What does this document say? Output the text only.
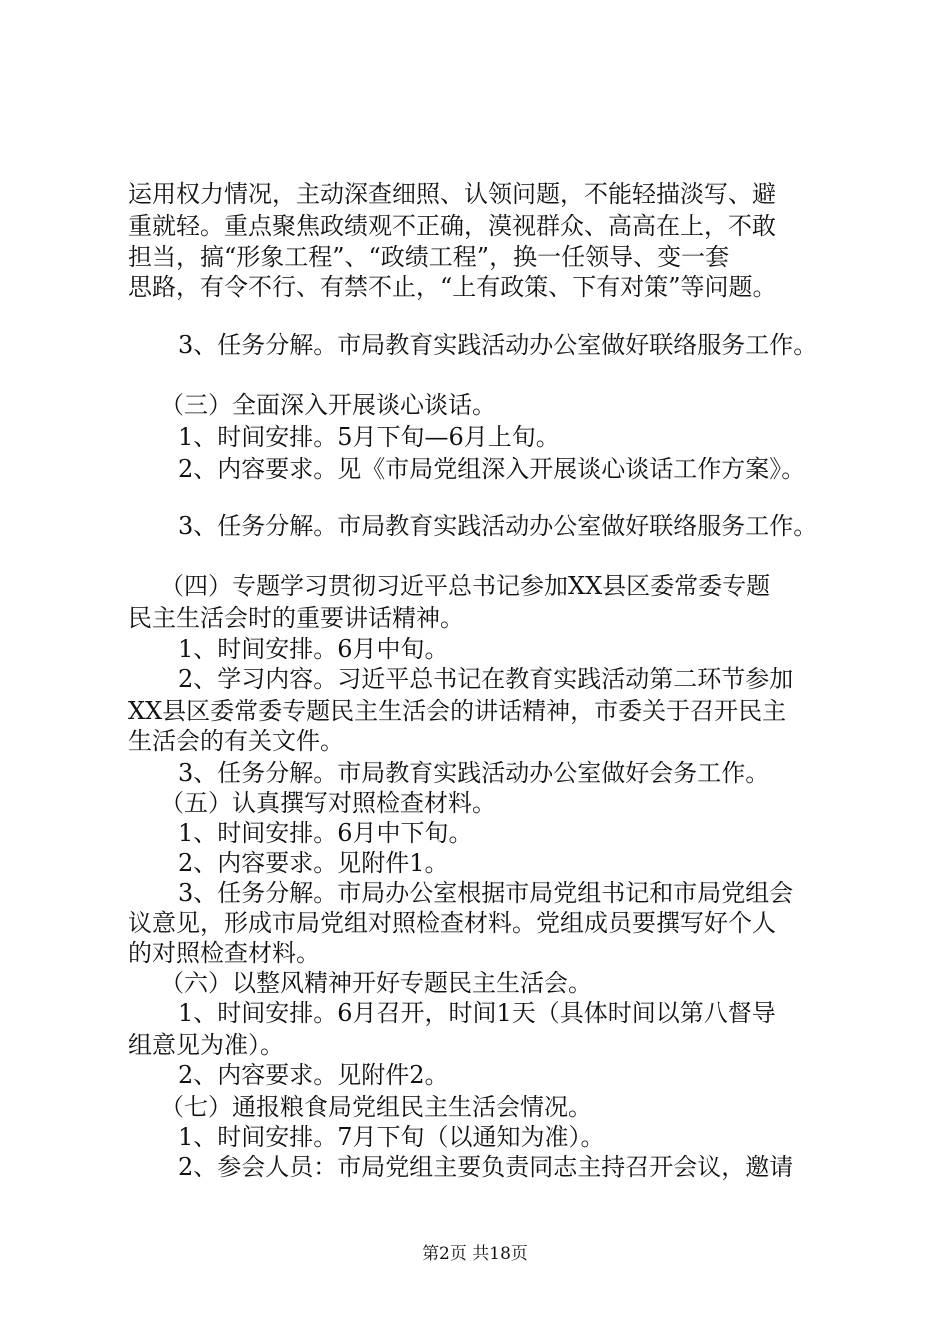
运用权力情况，主动深查细照、认领问题，不能轻描淡写、避
重就轻。重点聚焦政绩观不正确，漠视群众、高高在上，不敢
担当，搞“形象工程”、“政绩工程”，换一任领导、变一套
思路，有令不行、有禁不止，“上有政策、下有对策”等问题。
3、任务分解。市局教育实践活动办公室做好联络服务工作。
（三）全面深入开展谈心谈话。
1、时间安排。5月下旬—6月上旬。
2、内容要求。见《市局党组深入开展谈心谈话工作方案》。
3、任务分解。市局教育实践活动办公室做好联络服务工作。
（四）专题学习贯彻习近平总书记参加XX县区委常委专题
民主生活会时的重要讲话精神。
1、时间安排。6月中旬。
2、学习内容。习近平总书记在教育实践活动第二环节参加
XX县区委常委专题民主生活会的讲话精神，市委关于召开民主
生活会的有关文件。
3、任务分解。市局教育实践活动办公室做好会务工作。
（五）认真撰写对照检查材料。
1、时间安排。6月中下旬。
2、内容要求。见附件1。
3、任务分解。市局办公室根据市局党组书记和市局党组会
议意见，形成市局党组对照检查材料。党组成员要撰写好个人
的对照检查材料。
（六）以整风精神开好专题民主生活会。
1、时间安排。6月召开，时间1天（具体时间以第八督导
组意见为准）。
2、内容要求。见附件2。
（七）通报粮食局党组民主生活会情况。
1、时间安排。7月下旬（以通知为准）。
2、参会人员：市局党组主要负责同志主持召开会议，邀请
第2页 共18页
